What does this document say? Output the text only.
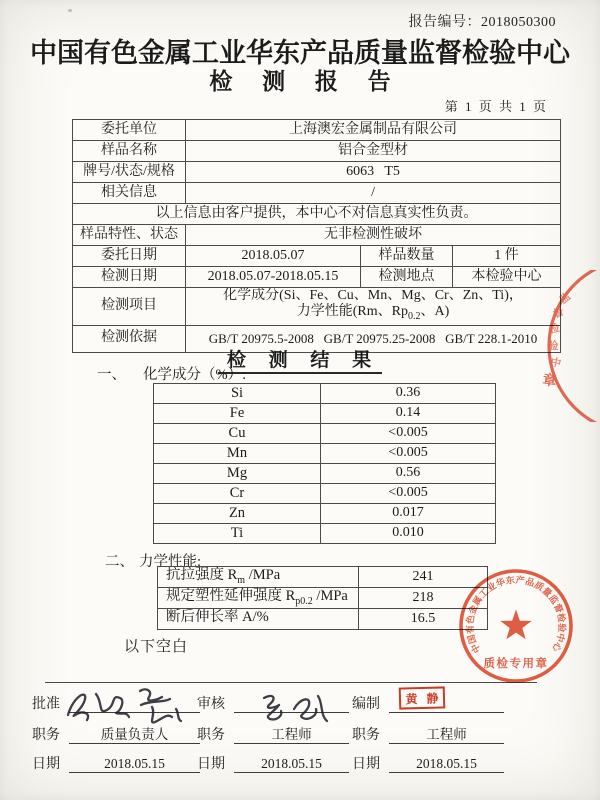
报告编号：2018050300
中国有色金属工业华东产品质量监督检验中心
检 测 报 告
第 1 页 共 1 页
委托单位	上海澳宏金属制品有限公司		
样品名称	铝合金型材		
牌号/状态/规格	6063   T5		
相关信息	/		
以上信息由客户提供，本中心不对信息真实性负责。			
样品特性、状态	无非检测性破坏		
委托日期	2018.05.07	样品数量	1 件
检测日期	2018.05.07-2018.05.15	检测地点	本检验中心
检测项目	化学成分(Si、Fe、Cu、Mn、Mg、Cr、Zn、Ti)，
力学性能(Rm、$Rp_{0.2}$、A)		

检测依据	GB/T 20975.5-2008   GB/T 20975.25-2008   GB/T 228.1-2010		
检 测 结 果
一、 化学成分（%）:
Si	0.36
Fe	0.14
Cu	<0.005
Mn	<0.005
Mg	0.56
Cr	<0.005
Zn	0.017
Ti	0.010
二、 力学性能:
抗拉强度 $R_m$ /MPa	241
规定塑性延伸强度 $R_{p0.2}$ /MPa	218
断后伸长率 A/%	16.5
以下空白
批准
职务	质量负责人
日期	2018.05.15
审核
职务	工程师
日期	2018.05.15
编制
职务	工程师
日期	2018.05.15
黄 静
中国有色金属工业华东产品质量监督检验中心
质检专用章
监
督
检
验
中
章
